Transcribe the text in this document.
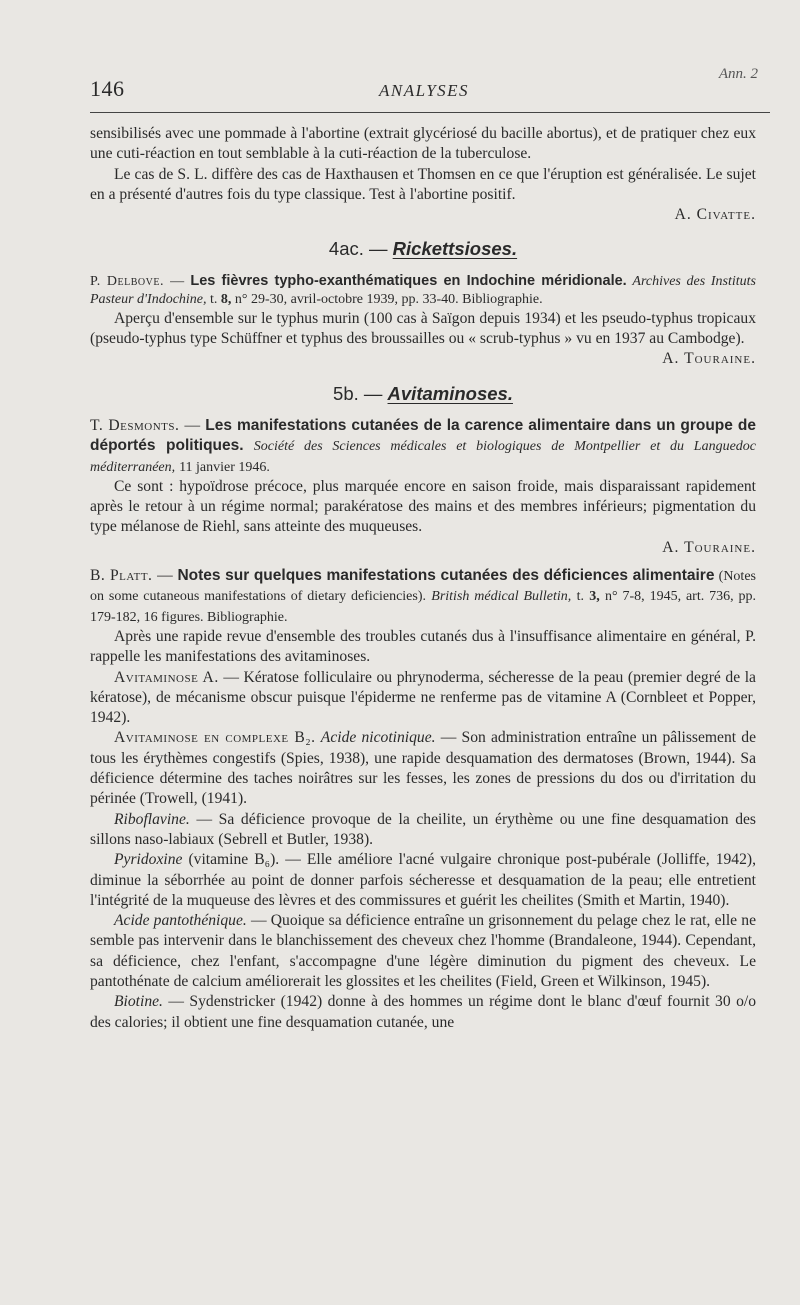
146	ANALYSES
Ann. 2

sensibilisés avec une pommade à l'abortine (extrait glycériosé du bacille abortus), et de pratiquer chez eux une cuti-réaction en tout semblable à la cuti-réaction de la tuberculose.

Le cas de S. L. diffère des cas de Haxthausen et Thomsen en ce que l'éruption est généralisée. Le sujet en a présenté d'autres fois du type classique. Test à l'abortine positif.

A. Civatte.

4ac. — Rickettsioses.

P. Delbove. — Les fièvres typho-exanthématiques en Indochine méridionale. Archives des Instituts Pasteur d'Indochine, t. 8, n° 29-30, avril-octobre 1939, pp. 33-40. Bibliographie.

Aperçu d'ensemble sur le typhus murin (100 cas à Saïgon depuis 1934) et les pseudo-typhus tropicaux (pseudo-typhus type Schüffner et typhus des broussailles ou « scrub-typhus » vu en 1937 au Cambodge).

A. Touraine.

5b. — Avitaminoses.

T. Desmonts. — Les manifestations cutanées de la carence alimentaire dans un groupe de déportés politiques. Société des Sciences médicales et biologiques de Montpellier et du Languedoc méditerranéen, 11 janvier 1946.

Ce sont : hypoïdrose précoce, plus marquée encore en saison froide, mais disparaissant rapidement après le retour à un régime normal; parakératose des mains et des membres inférieurs; pigmentation du type mélanose de Riehl, sans atteinte des muqueuses.

A. Touraine.

B. Platt. — Notes sur quelques manifestations cutanées des déficiences alimentaire (Notes on some cutaneous manifestations of dietary deficiencies). British médical Bulletin, t. 3, n° 7-8, 1945, art. 736, pp. 179-182, 16 figures. Bibliographie.

Après une rapide revue d'ensemble des troubles cutanés dus à l'insuffisance alimentaire en général, P. rappelle les manifestations des avitaminoses.

Avitaminose A. — Kératose folliculaire ou phrynoderma, sécheresse de la peau (premier degré de la kératose), de mécanisme obscur puisque l'épiderme ne renferme pas de vitamine A (Cornbleet et Popper, 1942).

Avitaminose en complexe B₂. Acide nicotinique. — Son administration entraîne un pâlissement de tous les érythèmes congestifs (Spies, 1938), une rapide desquamation des dermatoses (Brown, 1944). Sa déficience détermine des taches noirâtres sur les fesses, les zones de pressions du dos ou d'irritation du périnée (Trowell, (1941).

Riboflavine. — Sa déficience provoque de la cheilite, un érythème ou une fine desquamation des sillons naso-labiaux (Sebrell et Butler, 1938).

Pyridoxine (vitamine B₆). — Elle améliore l'acné vulgaire chronique post-pubérale (Jolliffe, 1942), diminue la séborrhée au point de donner parfois sécheresse et desquamation de la peau; elle entretient l'intégrité de la muqueuse des lèvres et des commissures et guérit les cheilites (Smith et Martin, 1940).

Acide pantothénique. — Quoique sa déficience entraîne un grisonnement du pelage chez le rat, elle ne semble pas intervenir dans le blanchissement des cheveux chez l'homme (Brandaleone, 1944). Cependant, sa déficience, chez l'enfant, s'accompagne d'une légère diminution du pigment des cheveux. Le pantothénate de calcium améliorerait les glossites et les cheilites (Field, Green et Wilkinson, 1945).

Biotine. — Sydenstricker (1942) donne à des hommes un régime dont le blanc d'œuf fournit 30 o/o des calories; il obtient une fine desquamation cutanée, une
